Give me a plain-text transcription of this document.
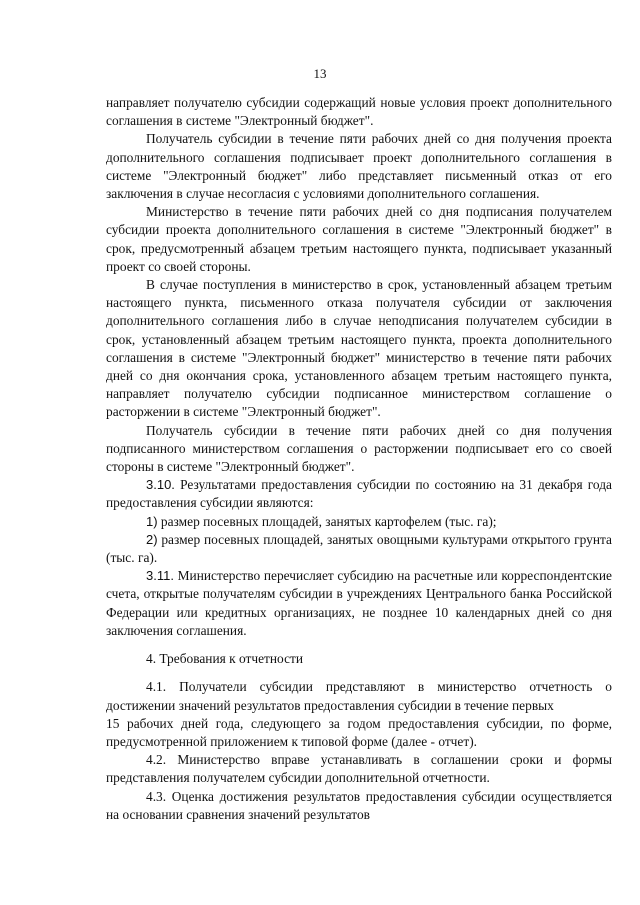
13

направляет получателю субсидии содержащий новые условия проект дополнительного соглашения в системе "Электронный бюджет".

Получатель субсидии в течение пяти рабочих дней со дня получения проекта дополнительного соглашения подписывает проект дополнительного соглашения в системе "Электронный бюджет" либо представляет письменный отказ от его заключения в случае несогласия с условиями дополнительного соглашения.

Министерство в течение пяти рабочих дней со дня подписания получателем субсидии проекта дополнительного соглашения в системе "Электронный бюджет" в срок, предусмотренный абзацем третьим настоящего пункта, подписывает указанный проект со своей стороны.

В случае поступления в министерство в срок, установленный абзацем третьим настоящего пункта, письменного отказа получателя субсидии от заключения дополнительного соглашения либо в случае неподписания получателем субсидии в срок, установленный абзацем третьим настоящего пункта, проекта дополнительного соглашения в системе "Электронный бюджет" министерство в течение пяти рабочих дней со дня окончания срока, установленного абзацем третьим настоящего пункта, направляет получателю субсидии подписанное министерством соглашение о расторжении в системе "Электронный бюджет".

Получатель субсидии в течение пяти рабочих дней со дня получения подписанного министерством соглашения о расторжении подписывает его со своей стороны в системе "Электронный бюджет".

3.10. Результатами предоставления субсидии по состоянию на 31 декабря года предоставления субсидии являются:

1) размер посевных площадей, занятых картофелем (тыс. га);

2) размер посевных площадей, занятых овощными культурами открытого грунта (тыс. га).

3.11. Министерство перечисляет субсидию на расчетные или корреспондентские счета, открытые получателям субсидии в учреждениях Центрального банка Российской Федерации или кредитных организациях, не позднее 10 календарных дней со дня заключения соглашения.

4. Требования к отчетности

4.1. Получатели субсидии представляют в министерство отчетность о достижении значений результатов предоставления субсидии в течение первых

15 рабочих дней года, следующего за годом предоставления субсидии, по форме, предусмотренной приложением к типовой форме (далее - отчет).

4.2. Министерство вправе устанавливать в соглашении сроки и формы представления получателем субсидии дополнительной отчетности.

4.3. Оценка достижения результатов предоставления субсидии осуществляется на основании сравнения значений результатов
